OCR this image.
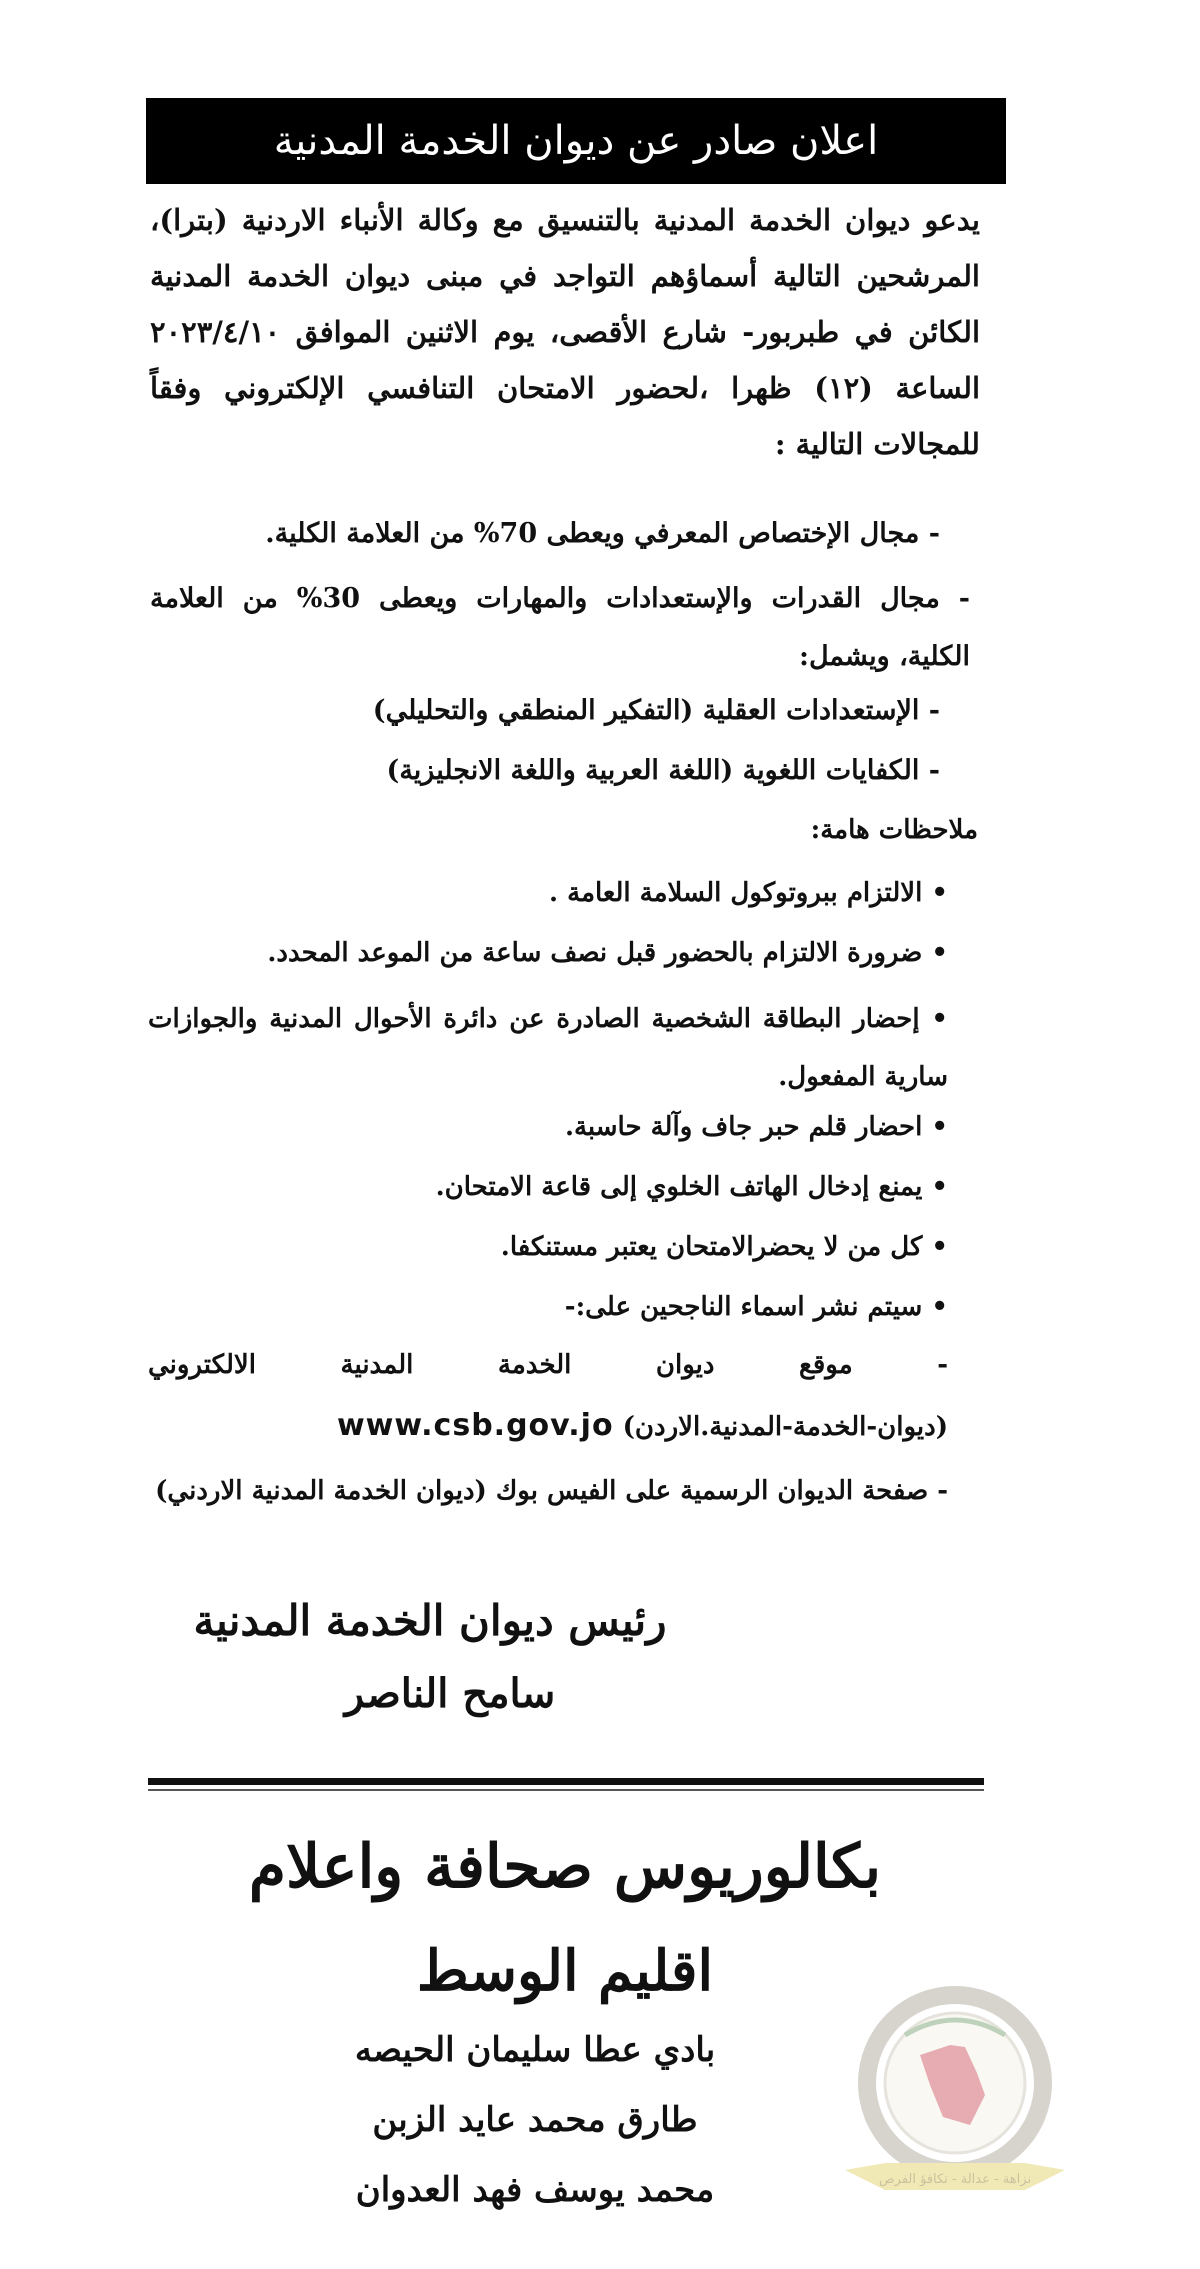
اعلان صادر عن ديوان الخدمة المدنية
يدعو ديوان الخدمة المدنية بالتنسيق مع وكالة الأنباء الاردنية (بترا)، المرشحين التالية أسماؤهم التواجد في مبنى ديوان الخدمة المدنية الكائن في طبربور- شارع الأقصى، يوم الاثنين الموافق ٢٠٢٣/٤/١٠ الساعة (١٢) ظهرا ،لحضور الامتحان التنافسي الإلكتروني وفقاً للمجالات التالية :
- مجال الإختصاص المعرفي ويعطى 70% من العلامة الكلية.
- مجال القدرات والإستعدادات والمهارات ويعطى 30% من العلامة الكلية، ويشمل:
- الإستعدادات العقلية (التفكير المنطقي والتحليلي)
- الكفايات اللغوية (اللغة العربية واللغة الانجليزية)
ملاحظات هامة:
• الالتزام ببروتوكول السلامة العامة .
• ضرورة الالتزام بالحضور قبل نصف ساعة من الموعد المحدد.
• إحضار البطاقة الشخصية الصادرة عن دائرة الأحوال المدنية والجوازات سارية المفعول.
• احضار قلم حبر جاف وآلة حاسبة.
• يمنع إدخال الهاتف الخلوي إلى قاعة الامتحان.
• كل من لا يحضرالامتحان يعتبر مستنكفا.
• سيتم نشر اسماء الناجحين على:-
- موقع ديوان الخدمة المدنية الالكتروني
(ديوان-الخدمة-المدنية.الاردن) www.csb.gov.jo
- صفحة الديوان الرسمية على الفيس بوك (ديوان الخدمة المدنية الاردني)
رئيس ديوان الخدمة المدنية
سامح الناصر
بكالوريوس صحافة واعلام
اقليم الوسط
بادي عطا سليمان الحيصه
طارق محمد عايد الزبن
محمد يوسف فهد العدوان	نزاهة - عدالة - تكافؤ الفرص
